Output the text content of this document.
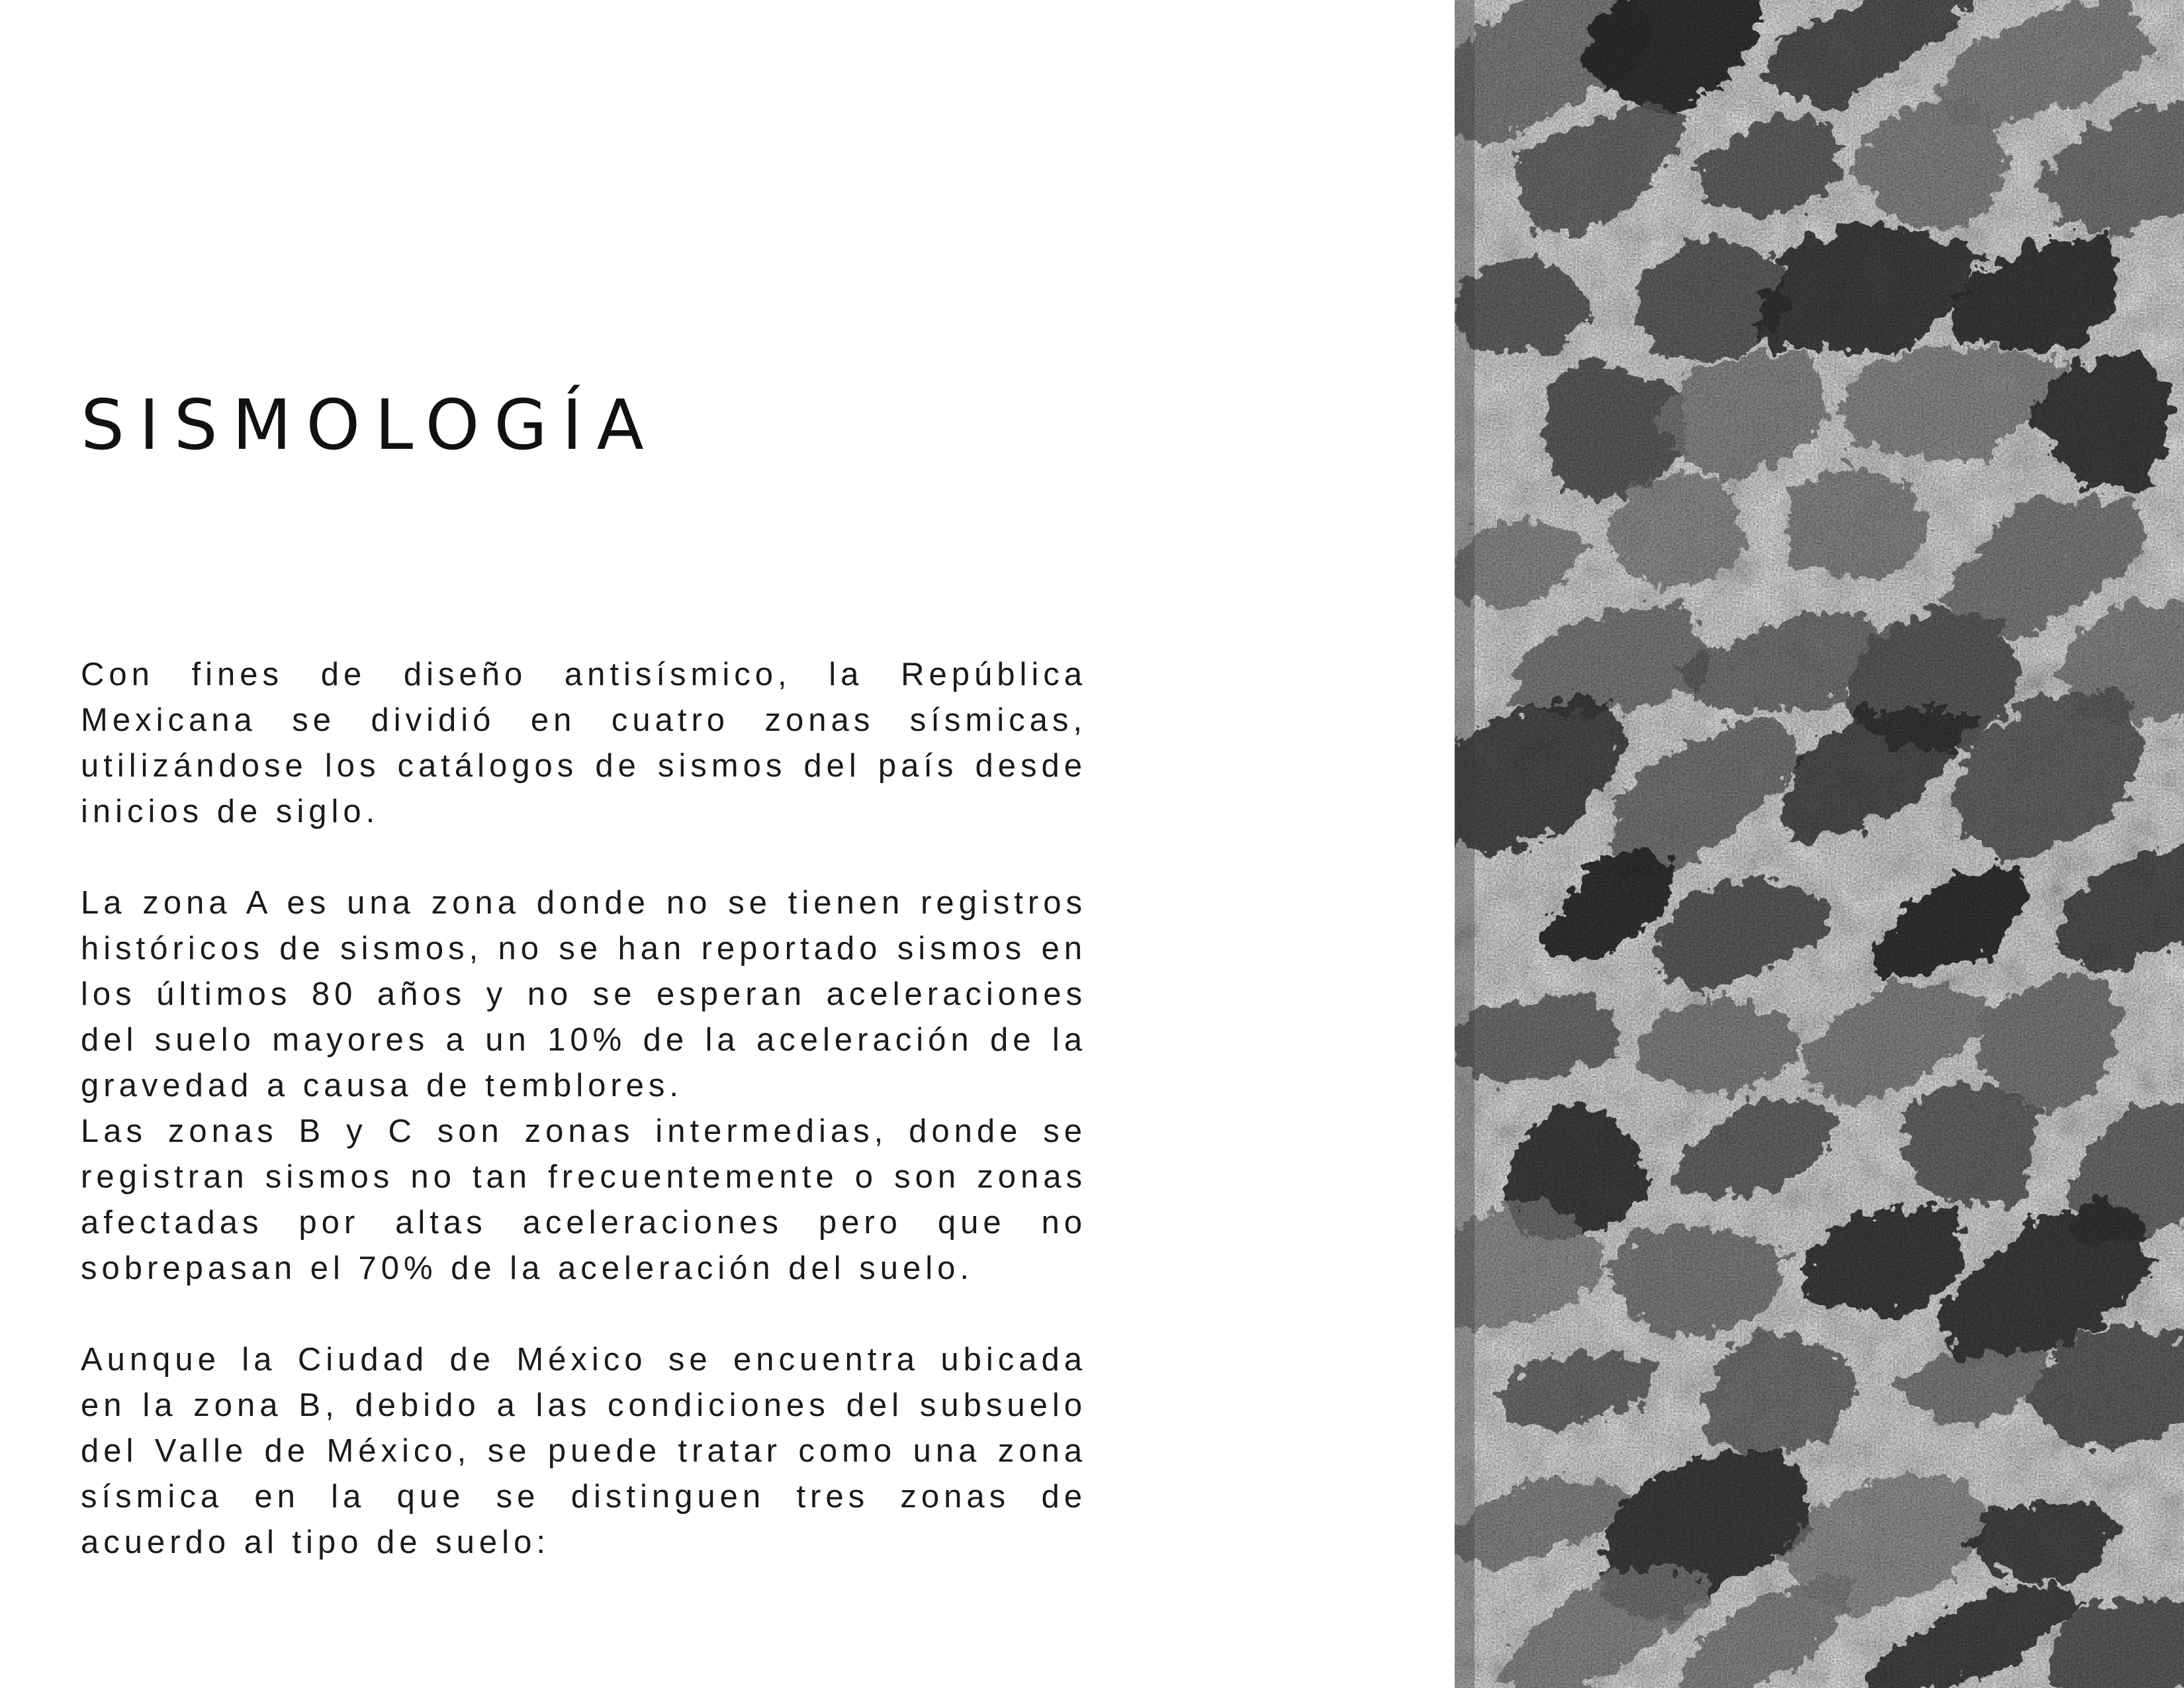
SISMOLOGÍA

Con fines de diseño antisísmico, la República Mexicana se dividió en cuatro zonas sísmicas, utilizándose los catálogos de sismos del país desde inicios de siglo.

La zona A es una zona donde no se tienen registros históricos de sismos, no se han reportado sismos en los últimos 80 años y no se esperan aceleraciones del suelo mayores a un 10% de la aceleración de la gravedad a causa de temblores.

Las zonas B y C son zonas intermedias, donde se registran sismos no tan frecuentemente o son zonas afectadas por altas aceleraciones pero que no sobrepasan el 70% de la aceleración del suelo.

Aunque la Ciudad de México se encuentra ubicada en la zona B, debido a las condiciones del subsuelo del Valle de México, se puede tratar como una zona sísmica en la que se distinguen tres zonas de acuerdo al tipo de suelo:
